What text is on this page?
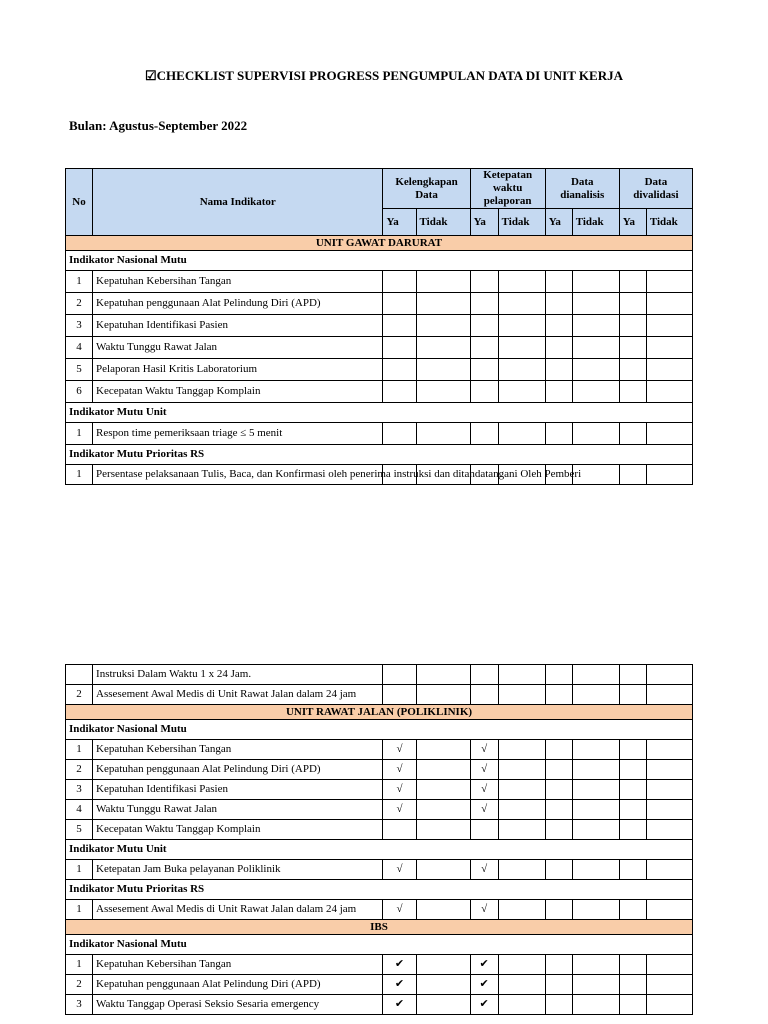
☑CHECKLIST SUPERVISI PROGRESS PENGUMPULAN DATA DI UNIT KERJA
Bulan: Agustus-September 2022
No	Nama Indikator	Kelengkapan Data		Ketepatan waktu pelaporan		Data dianalisis		Data divalidasi	
		Ya	Tidak	Ya	Tidak	Ya	Tidak	Ya	Tidak
UNIT GAWAT DARURAT									
Indikator Nasional Mutu									
1	Kepatuhan Kebersihan Tangan								
2	Kepatuhan penggunaan Alat Pelindung Diri (APD)								
3	Kepatuhan Identifikasi Pasien								
4	Waktu Tunggu Rawat Jalan								
5	Pelaporan Hasil Kritis Laboratorium								
6	Kecepatan Waktu Tanggap Komplain								
Indikator Mutu Unit									
1	Respon time pemeriksaan triage ≤ 5 menit								
Indikator Mutu Prioritas RS									
1	Persentase pelaksanaan Tulis, Baca, dan Konfirmasi oleh penerima instruksi dan ditandatangani Oleh Pemberi								
	Instruksi Dalam Waktu 1 x 24 Jam.								
2	Assesement Awal Medis di Unit Rawat Jalan dalam 24 jam								
UNIT RAWAT JALAN (POLIKLINIK)									
Indikator Nasional Mutu									
1	Kepatuhan Kebersihan Tangan	√		√					
2	Kepatuhan penggunaan Alat Pelindung Diri (APD)	√		√					
3	Kepatuhan Identifikasi Pasien	√		√					
4	Waktu Tunggu Rawat Jalan	√		√					
5	Kecepatan Waktu Tanggap Komplain								
Indikator Mutu Unit									
1	Ketepatan Jam Buka pelayanan Poliklinik	√		√					
Indikator Mutu Prioritas RS									
1	Assesement Awal Medis di Unit Rawat Jalan dalam 24 jam	√		√					
IBS									
Indikator Nasional Mutu									
1	Kepatuhan Kebersihan Tangan	✔		✔					
2	Kepatuhan penggunaan Alat Pelindung Diri (APD)	✔		✔					
3	Waktu Tanggap Operasi Seksio Sesaria emergency	✔		✔					
